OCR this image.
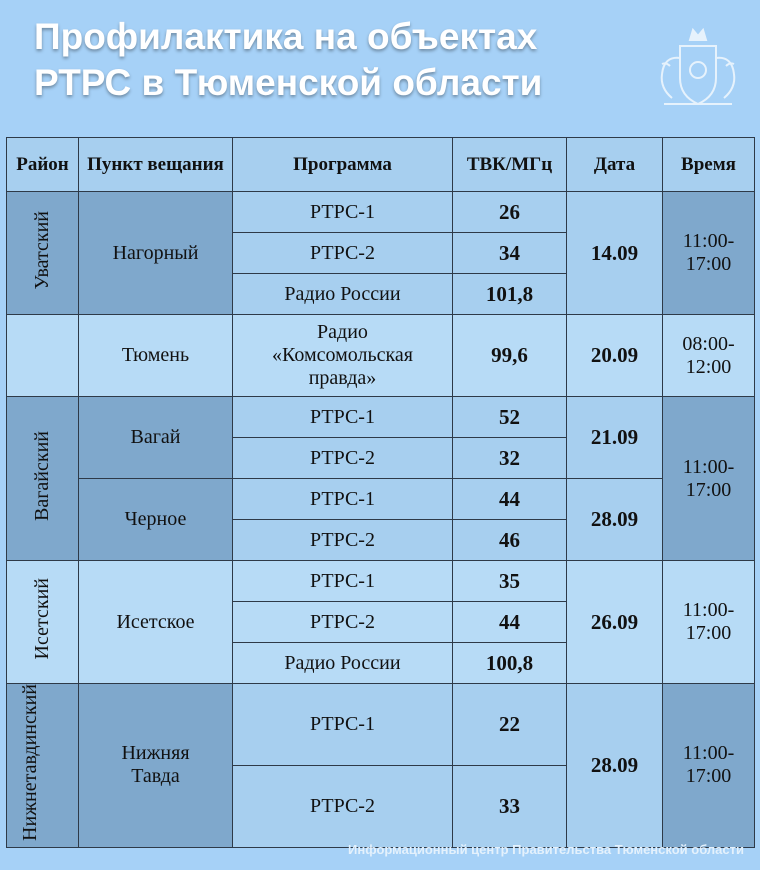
Профилактика на объектах
РТРС в Тюменской области
Район	Пункт вещания	Программа	ТВК/МГц	Дата	Время
Уватский	Нагорный	РТРС-1	26	14.09	11:00-17:00
		РТРС-2	34		
		Радио России	101,8		
	Тюмень	Радио «Комсомольская правда»	99,6	20.09	08:00-12:00
Вагайский	Вагай	РТРС-1	52	21.09	11:00-17:00
		РТРС-2	32		
	Черное	РТРС-1	44	28.09	
		РТРС-2	46		
Исетский	Исетское	РТРС-1	35	26.09	11:00-17:00
		РТРС-2	44		
		Радио России	100,8		
Нижнетавдинский	Нижняя Тавда	РТРС-1	22	28.09	11:00-17:00
		РТРС-2	33		
Информационный центр Правительства Тюменской области
